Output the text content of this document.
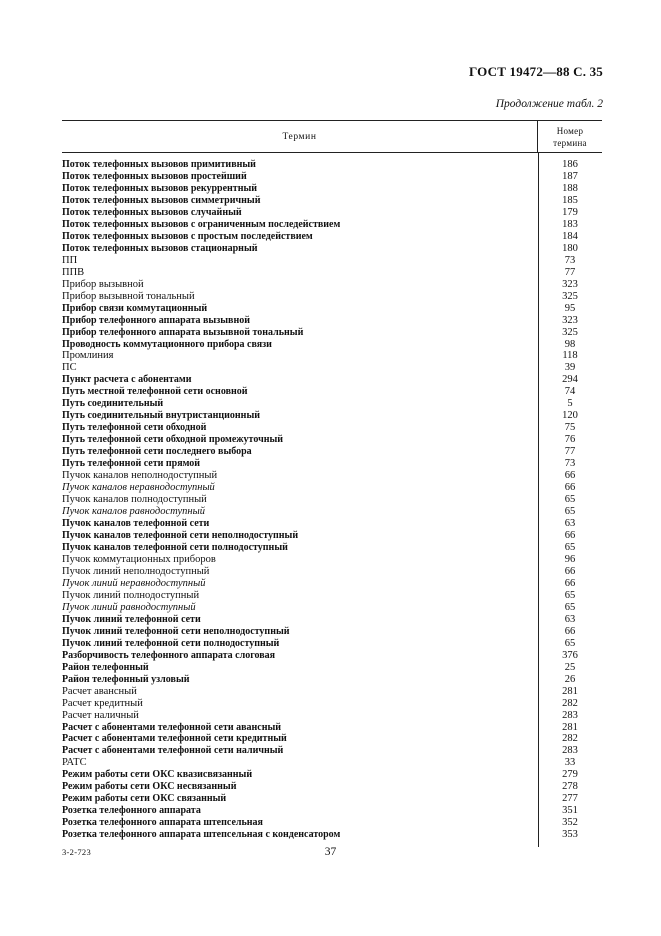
ГОСТ 19472—88 С. 35
Продолжение табл. 2
Термин
Номер
термина
Поток телефонных вызовов примитивный	186
Поток телефонных вызовов простейший	187
Поток телефонных вызовов рекуррентный	188
Поток телефонных вызовов симметричный	185
Поток телефонных вызовов случайный	179
Поток телефонных вызовов с ограниченным последействием	183
Поток телефонных вызовов с простым последействием	184
Поток телефонных вызовов стационарный	180
ПП	73
ППВ	77
Прибор вызывной	323
Прибор вызывной тональный	325
Прибор связи коммутационный	95
Прибор телефонного аппарата вызывной	323
Прибор телефонного аппарата вызывной тональный	325
Проводность коммутационного прибора связи	98
Промлиния	118
ПС	39
Пункт расчета с абонентами	294
Путь местной телефонной сети основной	74
Путь соединительный	5
Путь соединительный внутристанционный	120
Путь телефонной сети обходной	75
Путь телефонной сети обходной промежуточный	76
Путь телефонной сети последнего выбора	77
Путь телефонной сети прямой	73
Пучок каналов неполнодоступный	66
Пучок каналов неравнодоступный	66
Пучок каналов полнодоступный	65
Пучок каналов равнодоступный	65
Пучок каналов телефонной сети	63
Пучок каналов телефонной сети неполнодоступный	66
Пучок каналов телефонной сети полнодоступный	65
Пучок коммутационных приборов	96
Пучок линий неполнодоступный	66
Пучок линий неравнодоступный	66
Пучок линий полнодоступный	65
Пучок линий равнодоступный	65
Пучок линий телефонной сети	63
Пучок линий телефонной сети неполнодоступный	66
Пучок линий телефонной сети полнодоступный	65
Разборчивость телефонного аппарата слоговая	376
Район телефонный	25
Район телефонный узловый	26
Расчет авансный	281
Расчет кредитный	282
Расчет наличный	283
Расчет с абонентами телефонной сети авансный	281
Расчет с абонентами телефонной сети кредитный	282
Расчет с абонентами телефонной сети наличный	283
РАТС	33
Режим работы сети ОКС квазисвязанный	279
Режим работы сети ОКС несвязанный	278
Режим работы сети ОКС связанный	277
Розетка телефонного аппарата	351
Розетка телефонного аппарата штепсельная	352
Розетка телефонного аппарата штепсельная с конденсатором	353
3-2-723	37
